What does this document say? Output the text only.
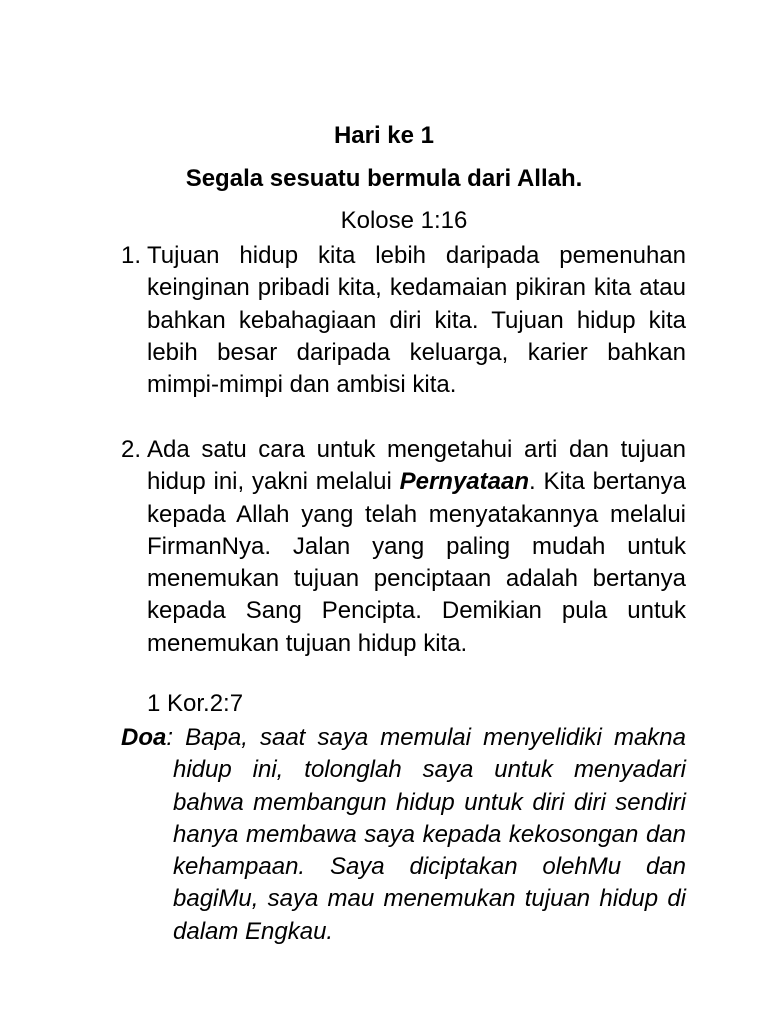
Hari ke 1
Segala sesuatu bermula dari Allah.
Kolose 1:16
1. Tujuan hidup kita lebih daripada pemenuhan keinginan pribadi kita, kedamaian pikiran kita atau bahkan kebahagiaan diri kita. Tujuan hidup kita lebih besar daripada keluarga, karier bahkan mimpi-mimpi dan ambisi kita.
2. Ada satu cara untuk mengetahui arti dan tujuan hidup ini, yakni melalui Pernyataan. Kita bertanya kepada Allah yang telah menyatakannya melalui FirmanNya. Jalan yang paling mudah untuk menemukan tujuan penciptaan adalah bertanya kepada Sang Pencipta. Demikian pula untuk menemukan tujuan hidup kita.
1 Kor.2:7
Doa: Bapa, saat saya memulai menyelidiki makna hidup ini, tolonglah saya untuk menyadari bahwa membangun hidup untuk diri diri sendiri hanya membawa saya kepada kekosongan dan kehampaan. Saya diciptakan olehMu dan bagiMu, saya mau menemukan tujuan hidup di dalam Engkau.
